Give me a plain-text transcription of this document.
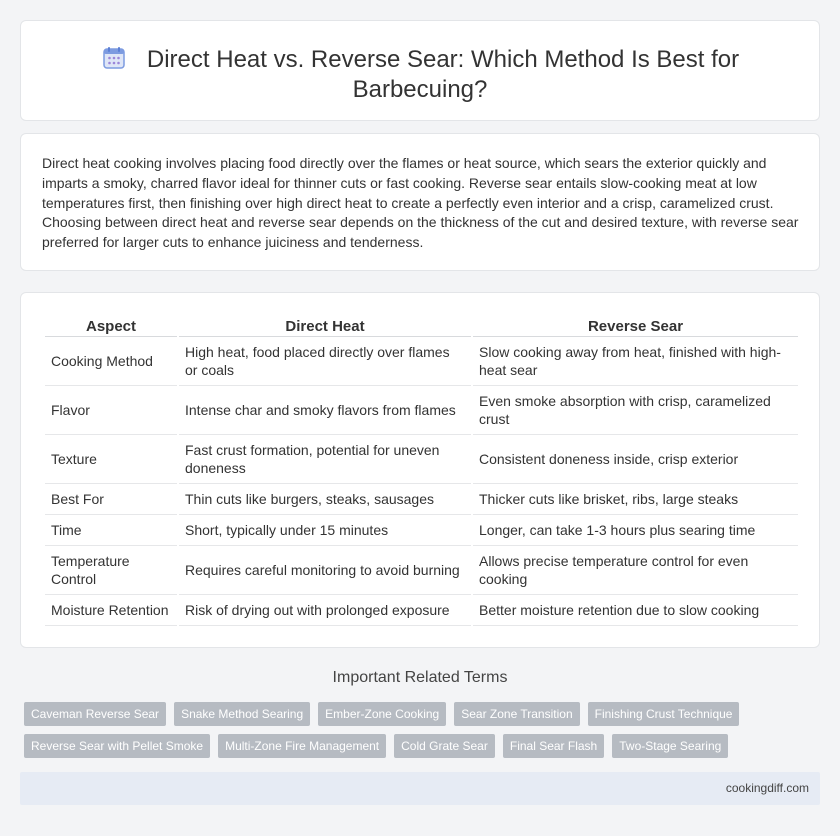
Direct Heat vs. Reverse Sear: Which Method Is Best for
Barbecuing?

Direct heat cooking involves placing food directly over the flames or heat source, which sears the exterior quickly and imparts a smoky, charred flavor ideal for thinner cuts or fast cooking. Reverse sear entails slow-cooking meat at low temperatures first, then finishing over high direct heat to create a perfectly even interior and a crisp, caramelized crust. Choosing between direct heat and reverse sear depends on the thickness of the cut and desired texture, with reverse sear preferred for larger cuts to enhance juiciness and tenderness.

Aspect	Direct Heat	Reverse Sear
Cooking Method	High heat, food placed directly over flames or coals	Slow cooking away from heat, finished with high-heat sear
Flavor	Intense char and smoky flavors from flames	Even smoke absorption with crisp, caramelized crust
Texture	Fast crust formation, potential for uneven doneness	Consistent doneness inside, crisp exterior
Best For	Thin cuts like burgers, steaks, sausages	Thicker cuts like brisket, ribs, large steaks
Time	Short, typically under 15 minutes	Longer, can take 1-3 hours plus searing time
Temperature Control	Requires careful monitoring to avoid burning	Allows precise temperature control for even cooking
Moisture Retention	Risk of drying out with prolonged exposure	Better moisture retention due to slow cooking
Important Related Terms
Caveman Reverse Sear	Snake Method Searing	Ember-Zone Cooking	Sear Zone Transition	Finishing Crust Technique
Reverse Sear with Pellet Smoke	Multi-Zone Fire Management	Cold Grate Sear	Final Sear Flash	Two-Stage Searing
cookingdiff.com
